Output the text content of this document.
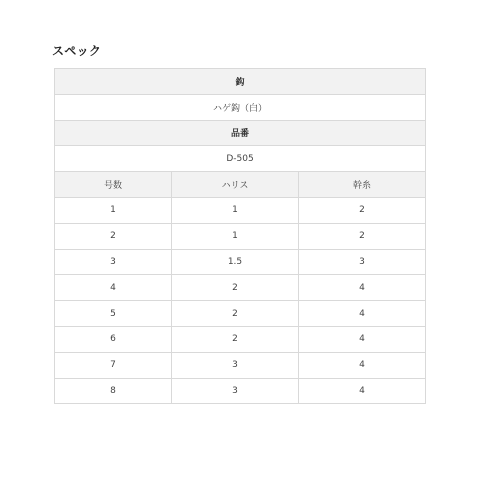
スペック
鈎		
ハゲ鈎（白）		
品番		
D-505		
号数	ハリス	幹糸
1	1	2
2	1	2
3	1.5	3
4	2	4
5	2	4
6	2	4
7	3	4
8	3	4
